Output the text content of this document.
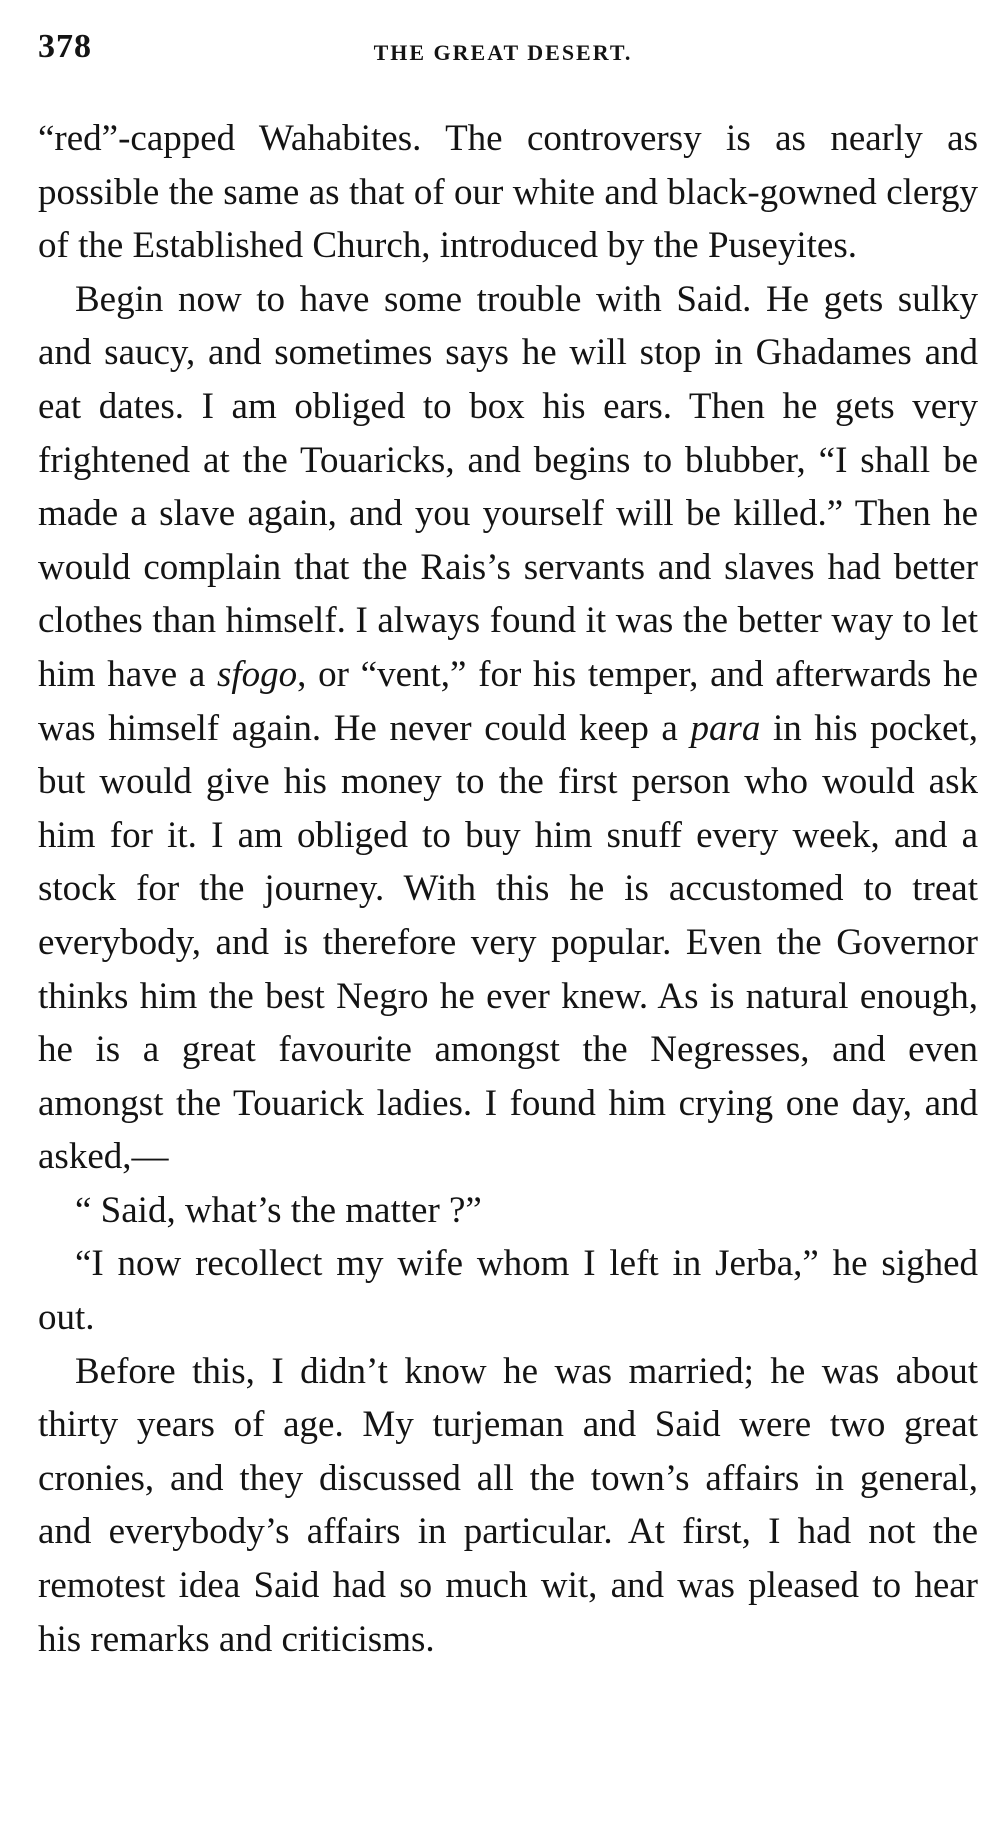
378	THE GREAT DESERT.

“red”-capped Wahabites. The controversy is as nearly as possible the same as that of our white and black-gowned clergy of the Established Church, introduced by the Puseyites.

Begin now to have some trouble with Said. He gets sulky and saucy, and sometimes says he will stop in Ghadames and eat dates. I am obliged to box his ears. Then he gets very frightened at the Touaricks, and begins to blubber, “I shall be made a slave again, and you yourself will be killed.” Then he would complain that the Rais’s servants and slaves had better clothes than himself. I always found it was the better way to let him have a sfogo, or “vent,” for his temper, and afterwards he was himself again. He never could keep a para in his pocket, but would give his money to the first person who would ask him for it. I am obliged to buy him snuff every week, and a stock for the journey. With this he is accustomed to treat everybody, and is therefore very popular. Even the Governor thinks him the best Negro he ever knew. As is natural enough, he is a great favourite amongst the Negresses, and even amongst the Touarick ladies. I found him crying one day, and asked,—

“ Said, what’s the matter ?”

“I now recollect my wife whom I left in Jerba,” he sighed out.

Before this, I didn’t know he was married; he was about thirty years of age. My turjeman and Said were two great cronies, and they discussed all the town’s affairs in general, and everybody’s affairs in particular. At first, I had not the remotest idea Said had so much wit, and was pleased to hear his remarks and criticisms.
